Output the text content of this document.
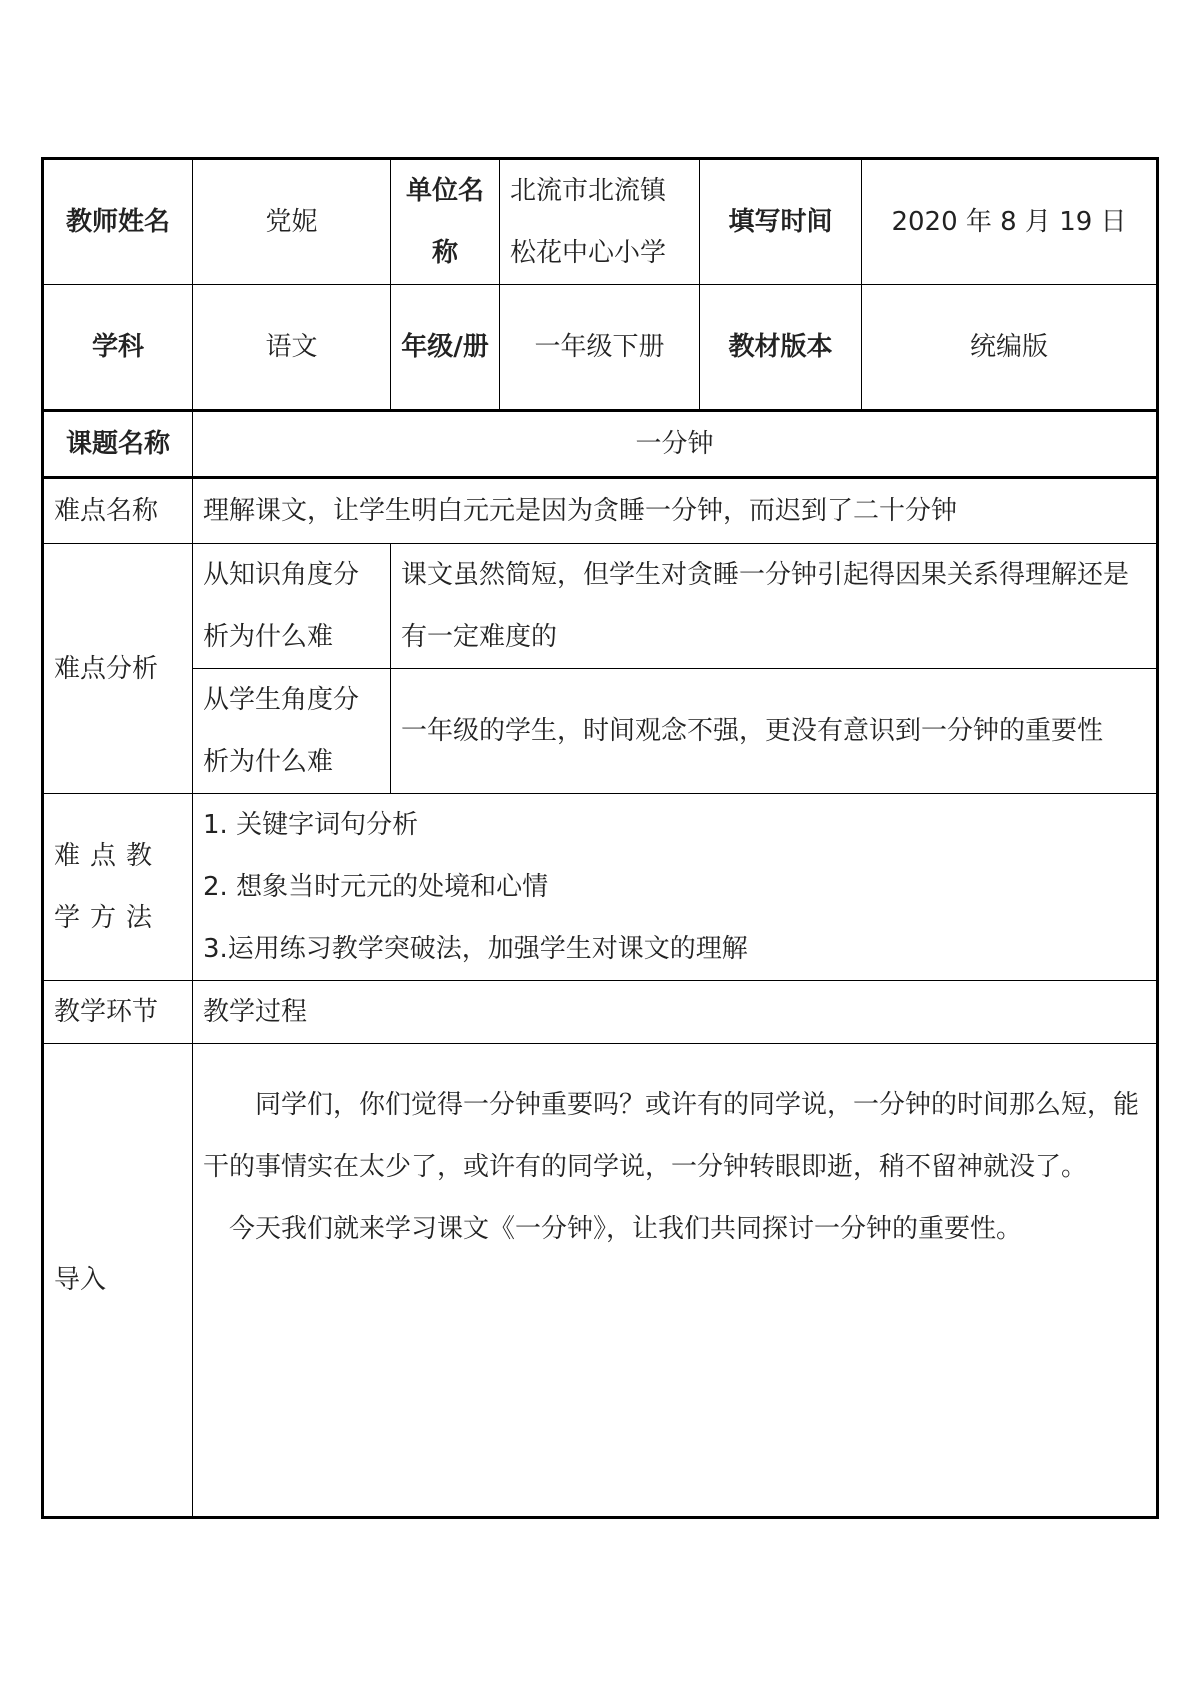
教师姓名	党妮	单位名称	北流市北流镇松花中心小学	填写时间	2020 年 8 月 19 日
学科	语文	年级/册	一年级下册	教材版本	统编版
课题名称	一分钟				
难点名称	理解课文，让学生明白元元是因为贪睡一分钟，而迟到了二十分钟				
难点分析	从知识角度分析为什么难	课文虽然简短，但学生对贪睡一分钟引起得因果关系得理解还是有一定难度的			
	从学生角度分析为什么难	一年级的学生，时间观念不强，更没有意识到一分钟的重要性			
难点教学方法	1. 关键字词句分析
2. 想象当时元元的处境和心情
3.运用练习教学突破法，加强学生对课文的理解				

教学环节	教学过程				
导入	同学们，你们觉得一分钟重要吗？或许有的同学说，一分钟的时间那么短，能干的事情实在太少了，或许有的同学说，一分钟转眼即逝，稍不留神就没了。
今天我们就来学习课文《一分钟》，让我们共同探讨一分钟的重要性。				
